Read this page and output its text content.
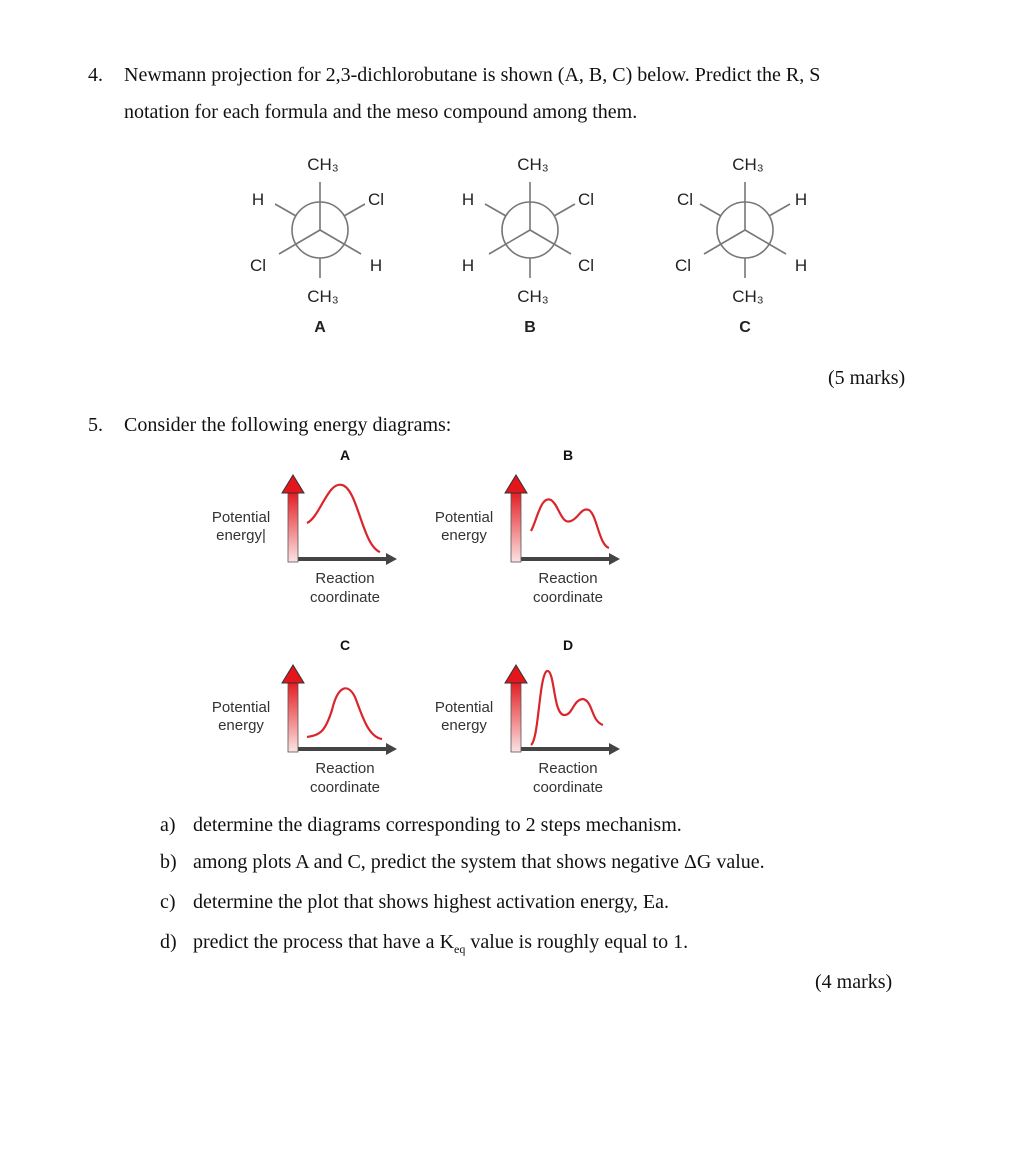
4. Newmann projection for 2,3-dichlorobutane is shown (A, B, C) below. Predict the R, S
notation for each formula and the meso compound among them.
CH₃
H	Cl
Cl	H
CH₃
A
CH₃
H	Cl
H	Cl
CH₃
B
CH₃
Cl	H
Cl	H
CH₃
C
(5 marks)
5. Consider the following energy diagrams:
A
Potential
energy|
Reaction
coordinate
B
Potential
energy
Reaction
coordinate
C
Potential
energy
Reaction
coordinate
D
Potential
energy
Reaction
coordinate
a) determine the diagrams corresponding to 2 steps mechanism.
b) among plots A and C, predict the system that shows negative ΔG value.
c) determine the plot that shows highest activation energy, Ea.
d) predict the process that have a $K_{eq}$ value is roughly equal to 1.
(4 marks)
